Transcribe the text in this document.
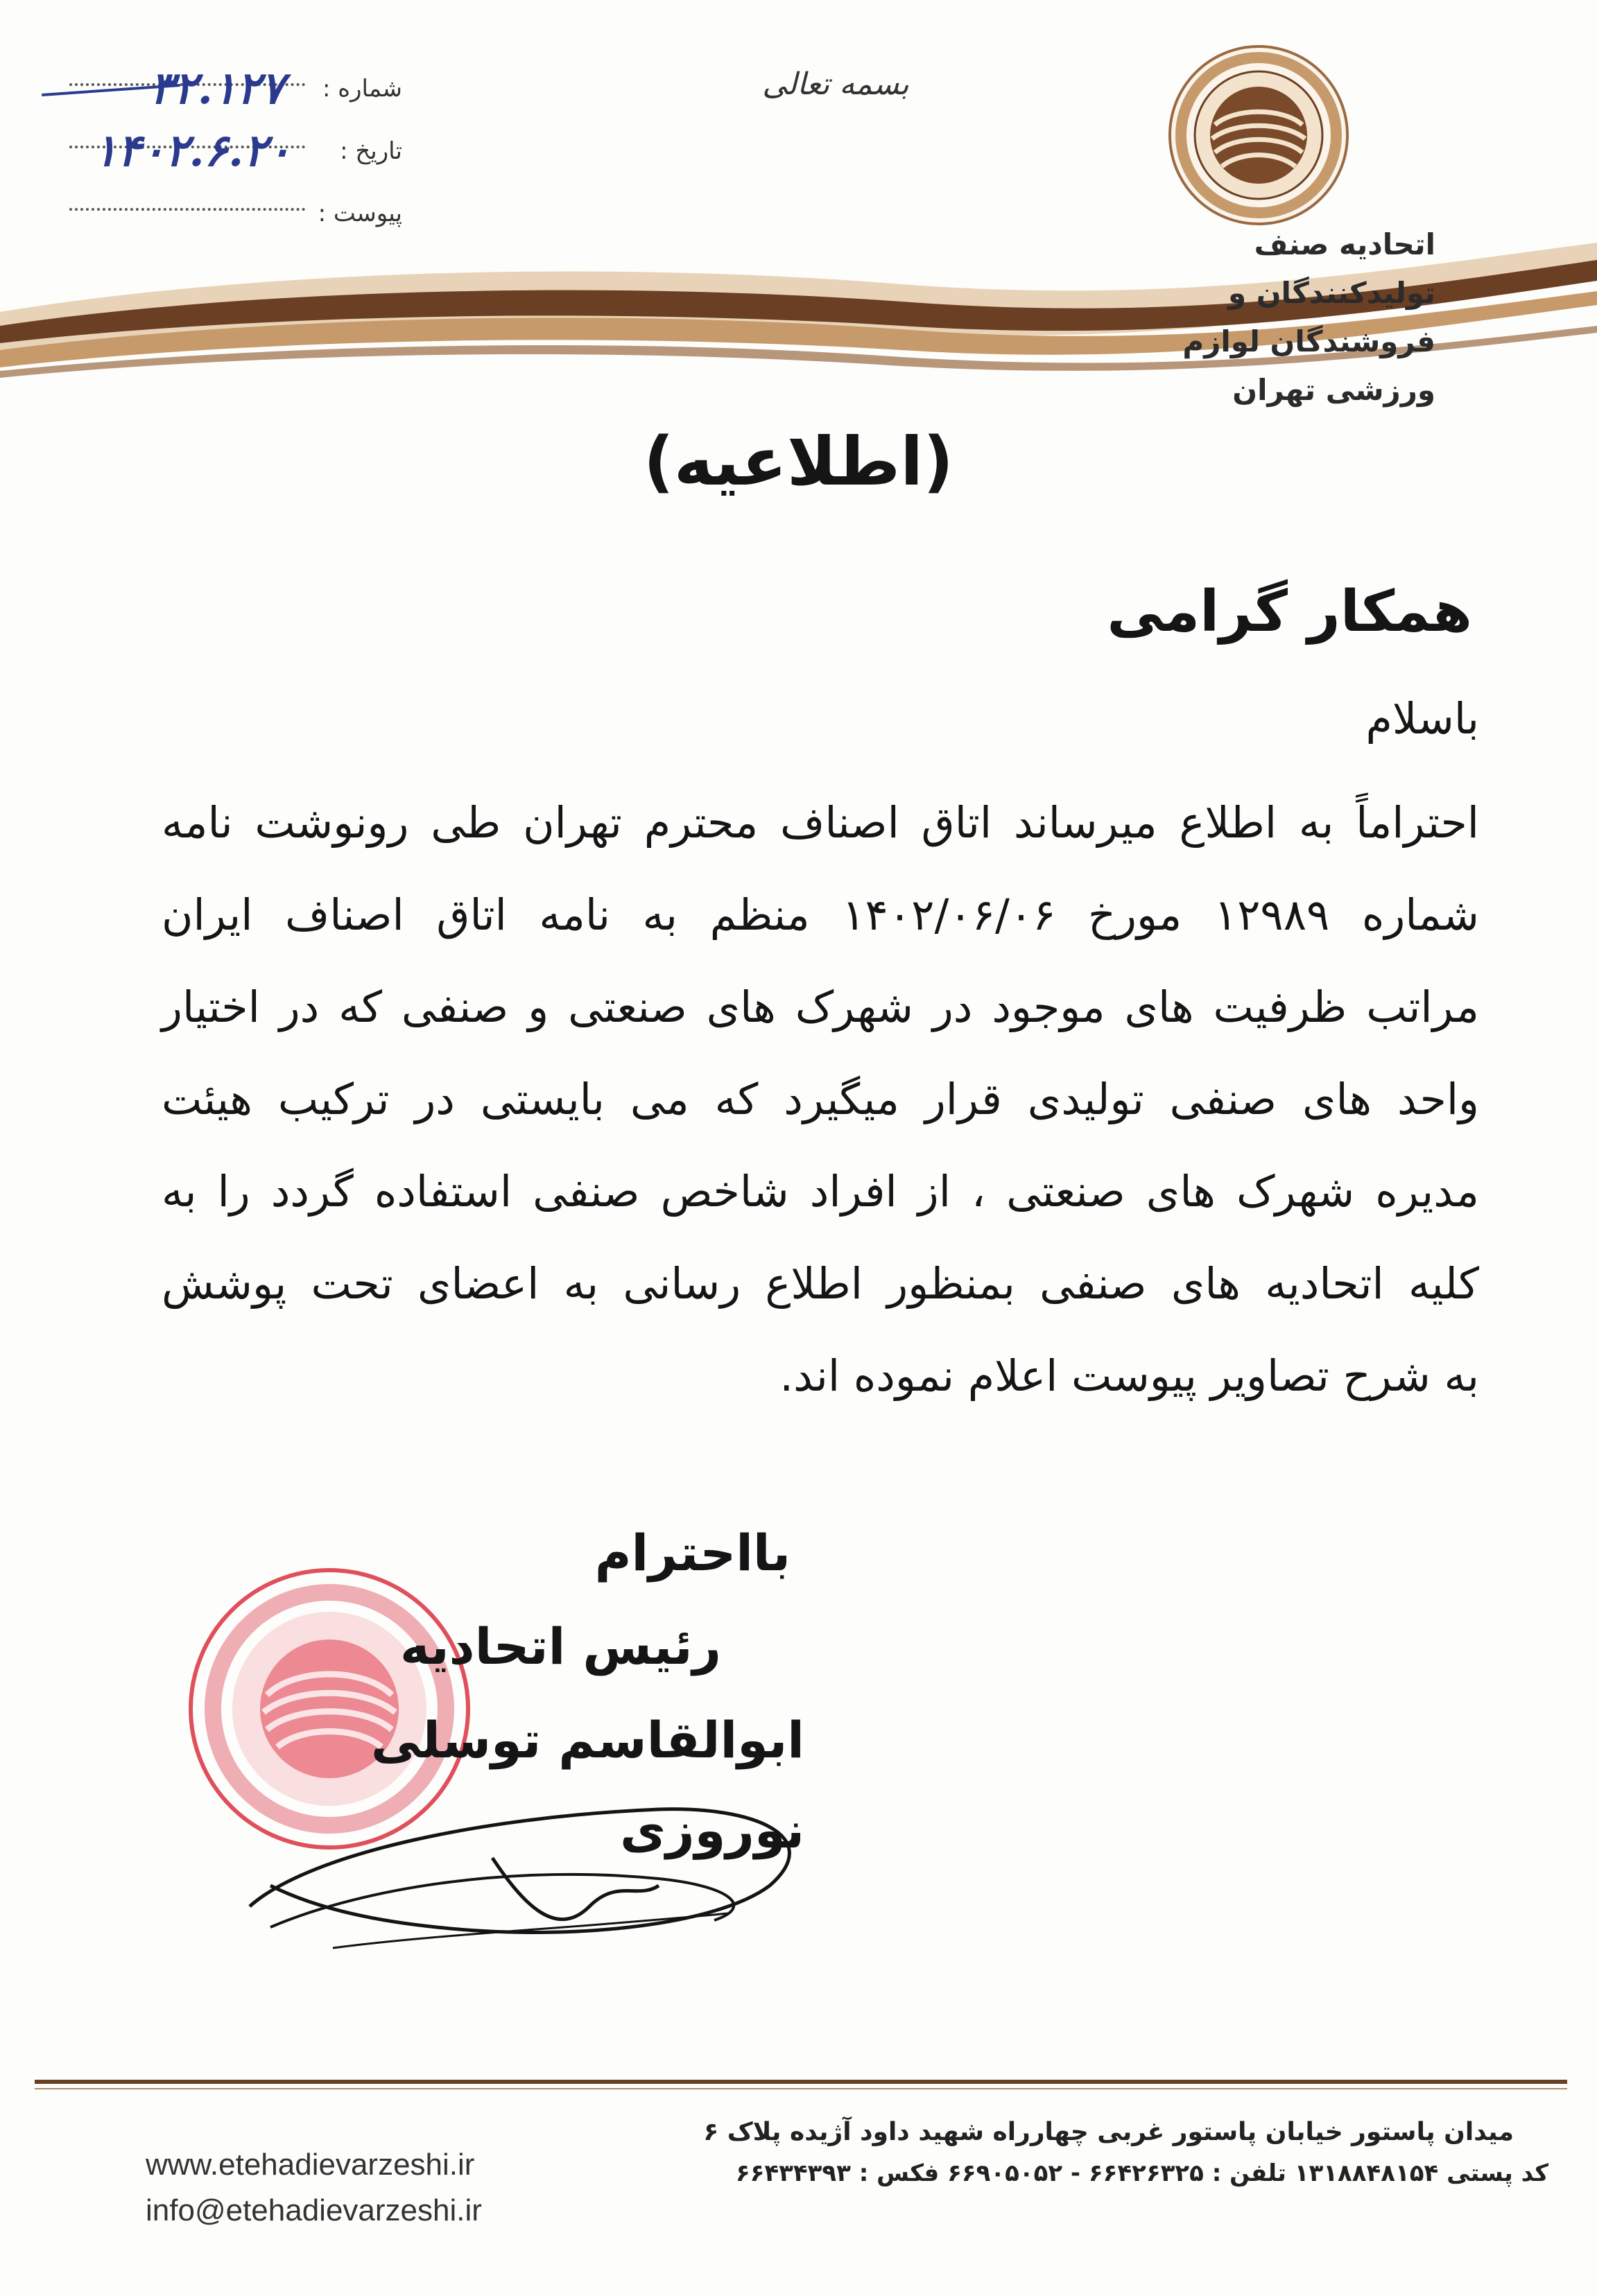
اتحادیه صنف تولیدکنندگان و
فروشندگان لوازم ورزشی تهران
بسمه تعالی
شماره :
۳۲.۱۲۷
تاریخ :
۱۴۰۲.۶.۲۰
پیوست :
(اطلاعیه)
همکار گرامی
باسلام
احتراماً به اطلاع میرساند اتاق اصناف محترم تهران طی رونوشت نامه
شماره ۱۲۹۸۹ مورخ ۱۴۰۲/۰۶/۰۶ منظم به نامه اتاق اصناف ایران
مراتب ظرفیت های موجود در شهرک های صنعتی و صنفی که در اختیار
واحد های صنفی تولیدی قرار میگیرد که می بایستی در ترکیب هیئت
مدیره شهرک های صنعتی ، از افراد شاخص صنفی استفاده گردد را به
کلیه اتحادیه های صنفی بمنظور اطلاع رسانی به اعضای تحت پوشش
به شرح تصاویر پیوست اعلام نموده اند.
بااحترام
رئیس اتحادیه
ابوالقاسم توسلی نوروزی
میدان پاستور خیابان پاستور غربی چهارراه شهید داود آژیده پلاک ۶
کد پستی ۱۳۱۸۸۴۸۱۵۴ تلفن : ۶۶۴۲۶۳۲۵ - ۶۶۹۰۵۰۵۲ فکس : ۶۶۴۳۴۳۹۳
www.etehadievarzeshi.ir
info@etehadievarzeshi.ir
